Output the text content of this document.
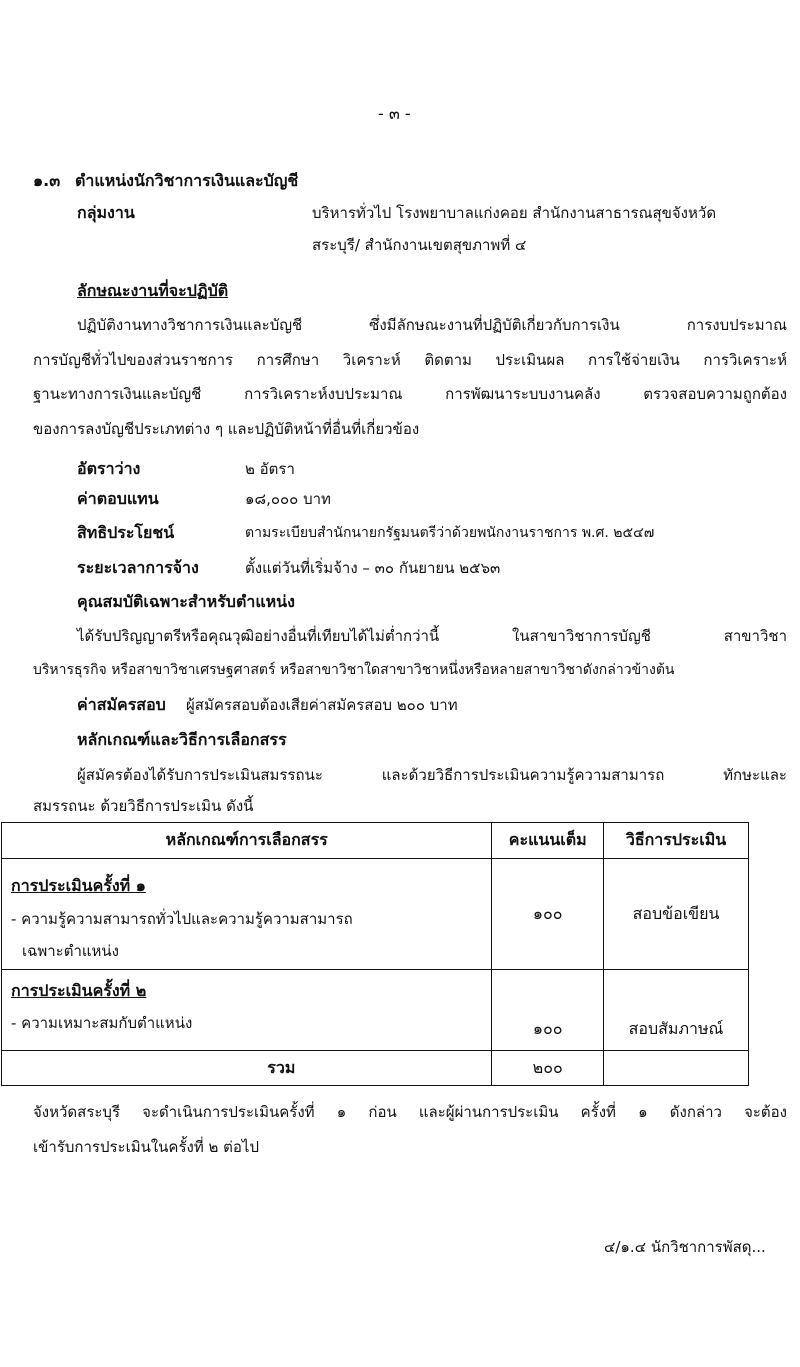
- ๓ -
๑.๓ ตำแหน่งนักวิชาการเงินและบัญชี
กลุ่มงาน	บริหารทั่วไป โรงพยาบาลแก่งคอย สำนักงานสาธารณสุขจังหวัด
สระบุรี/ สำนักงานเขตสุขภาพที่ ๔
ลักษณะงานที่จะปฏิบัติ
ปฏิบัติงานทางวิชาการเงินและบัญชี ซึ่งมีลักษณะงานที่ปฏิบัติเกี่ยวกับการเงิน การงบประมาณ
การบัญชีทั่วไปของส่วนราชการ การศึกษา วิเคราะห์ ติดตาม ประเมินผล การใช้จ่ายเงิน การวิเคราะห์
ฐานะทางการเงินและบัญชี การวิเคราะห์งบประมาณ การพัฒนาระบบงานคลัง ตรวจสอบความถูกต้อง
ของการลงบัญชีประเภทต่าง ๆ และปฏิบัติหน้าที่อื่นที่เกี่ยวข้อง
อัตราว่าง	๒ อัตรา
ค่าตอบแทน	๑๘,๐๐๐ บาท
สิทธิประโยชน์	ตามระเบียบสำนักนายกรัฐมนตรีว่าด้วยพนักงานราชการ พ.ศ. ๒๕๔๗
ระยะเวลาการจ้าง	ตั้งแต่วันที่เริ่มจ้าง – ๓๐ กันยายน ๒๕๖๓
คุณสมบัติเฉพาะสำหรับตำแหน่ง
ได้รับปริญญาตรีหรือคุณวุฒิอย่างอื่นที่เทียบได้ไม่ต่ำกว่านี้ ในสาขาวิชาการบัญชี สาขาวิชา
บริหารธุรกิจ หรือสาขาวิชาเศรษฐศาสตร์ หรือสาขาวิชาใดสาขาวิชาหนึ่งหรือหลายสาขาวิชาดังกล่าวข้างต้น
ค่าสมัครสอบ ผู้สมัครสอบต้องเสียค่าสมัครสอบ ๒๐๐ บาท
หลักเกณฑ์และวิธีการเลือกสรร
ผู้สมัครต้องได้รับการประเมินสมรรถนะ และด้วยวิธีการประเมินความรู้ความสามารถ ทักษะและ
สมรรถนะ ด้วยวิธีการประเมิน ดังนี้
หลักเกณฑ์การเลือกสรร	คะแนนเต็ม	วิธีการประเมิน

การประเมินครั้งที่ ๑
- ความรู้ความสามารถทั่วไปและความรู้ความสามารถ
เฉพาะตำแหน่ง	๑๐๐	สอบข้อเขียน

การประเมินครั้งที่ ๒
- ความเหมาะสมกับตำแหน่ง	๑๐๐	สอบสัมภาษณ์
รวม	๒๐๐	
จังหวัดสระบุรี จะดำเนินการประเมินครั้งที่ ๑ ก่อน และผู้ผ่านการประเมิน ครั้งที่ ๑ ดังกล่าว จะต้อง
เข้ารับการประเมินในครั้งที่ ๒ ต่อไป
๔/๑.๔ นักวิชาการพัสดุ...
